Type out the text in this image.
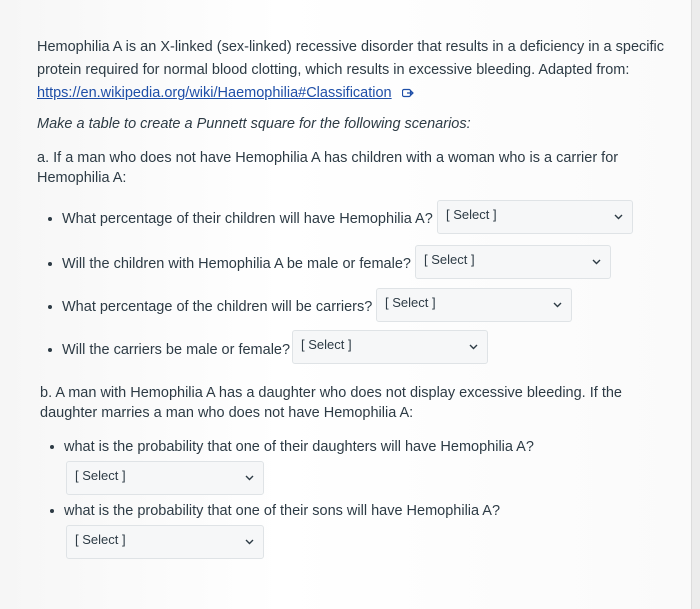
Hemophilia A is an X-linked (sex-linked) recessive disorder that results in a deficiency in a specific
protein required for normal blood clotting, which results in excessive bleeding. Adapted from:
https://en.wikipedia.org/wiki/Haemophilia#Classification
Make a table to create a Punnett square for the following scenarios:
a. If a man who does not have Hemophilia A has children with a woman who is a carrier for
Hemophilia A:
What percentage of their children will have Hemophilia A? [ Select ]
Will the children with Hemophilia A be male or female? [ Select ]
What percentage of the children will be carriers? [ Select ]
Will the carriers be male or female? [ Select ]
b. A man with Hemophilia A has a daughter who does not display excessive bleeding. If the
daughter marries a man who does not have Hemophilia A:
what is the probability that one of their daughters will have Hemophilia A?
[ Select ]
what is the probability that one of their sons will have Hemophilia A?
[ Select ]
